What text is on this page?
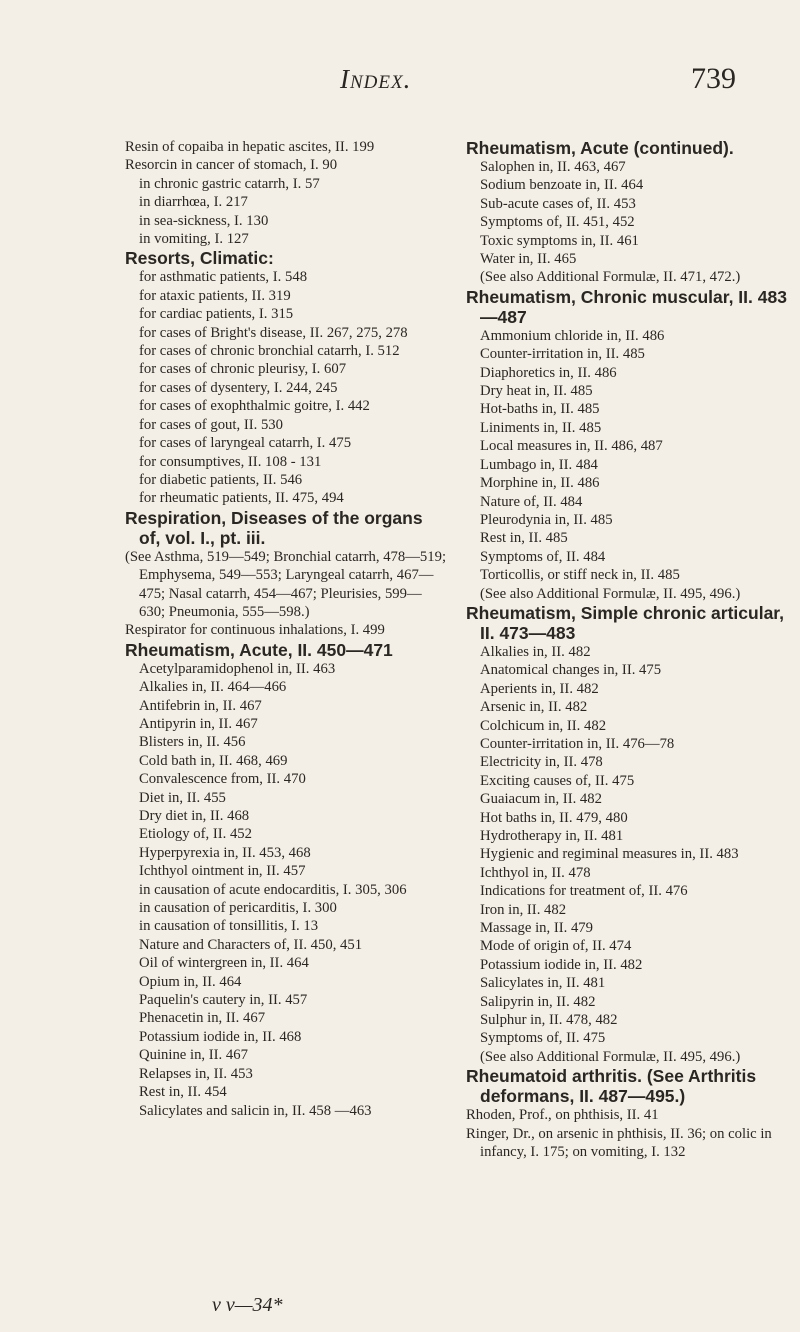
Index.	739
Resin of copaiba in hepatic ascites, II. 199
Resorcin in cancer of stomach, I. 90
in chronic gastric catarrh, I. 57
in diarrhœa, I. 217
in sea-sickness, I. 130
in vomiting, I. 127
Resorts, Climatic:
for asthmatic patients, I. 548
for ataxic patients, II. 319
for cardiac patients, I. 315
for cases of Bright's disease, II. 267, 275, 278
for cases of chronic bronchial catarrh, I. 512
for cases of chronic pleurisy, I. 607
for cases of dysentery, I. 244, 245
for cases of exophthalmic goitre, I. 442
for cases of gout, II. 530
for cases of laryngeal catarrh, I. 475
for consumptives, II. 108 - 131
for diabetic patients, II. 546
for rheumatic patients, II. 475, 494
Respiration, Diseases of the organs of, vol. I., pt. iii.
(See Asthma, 519—549; Bronchial catarrh, 478—519; Emphysema, 549—553; Laryngeal catarrh, 467—475; Nasal catarrh, 454—467; Pleurisies, 599—630; Pneumonia, 555—598.)
Respirator for continuous inhalations, I. 499
Rheumatism, Acute, II. 450—471
Acetylparamidophenol in, II. 463
Alkalies in, II. 464—466
Antifebrin in, II. 467
Antipyrin in, II. 467
Blisters in, II. 456
Cold bath in, II. 468, 469
Convalescence from, II. 470
Diet in, II. 455
Dry diet in, II. 468
Etiology of, II. 452
Hyperpyrexia in, II. 453, 468
Ichthyol ointment in, II. 457
in causation of acute endocarditis, I. 305, 306
in causation of pericarditis, I. 300
in causation of tonsillitis, I. 13
Nature and Characters of, II. 450, 451
Oil of wintergreen in, II. 464
Opium in, II. 464
Paquelin's cautery in, II. 457
Phenacetin in, II. 467
Potassium iodide in, II. 468
Quinine in, II. 467
Relapses in, II. 453
Rest in, II. 454
Salicylates and salicin in, II. 458 —463
Rheumatism, Acute (continued).
Salophen in, II. 463, 467
Sodium benzoate in, II. 464
Sub-acute cases of, II. 453
Symptoms of, II. 451, 452
Toxic symptoms in, II. 461
Water in, II. 465
(See also Additional Formulæ, II. 471, 472.)
Rheumatism, Chronic muscular, II. 483—487
Ammonium chloride in, II. 486
Counter-irritation in, II. 485
Diaphoretics in, II. 486
Dry heat in, II. 485
Hot-baths in, II. 485
Liniments in, II. 485
Local measures in, II. 486, 487
Lumbago in, II. 484
Morphine in, II. 486
Nature of, II. 484
Pleurodynia in, II. 485
Rest in, II. 485
Symptoms of, II. 484
Torticollis, or stiff neck in, II. 485
(See also Additional Formulæ, II. 495, 496.)
Rheumatism, Simple chronic articular, II. 473—483
Alkalies in, II. 482
Anatomical changes in, II. 475
Aperients in, II. 482
Arsenic in, II. 482
Colchicum in, II. 482
Counter-irritation in, II. 476—78
Electricity in, II. 478
Exciting causes of, II. 475
Guaiacum in, II. 482
Hot baths in, II. 479, 480
Hydrotherapy in, II. 481
Hygienic and regiminal measures in, II. 483
Ichthyol in, II. 478
Indications for treatment of, II. 476
Iron in, II. 482
Massage in, II. 479
Mode of origin of, II. 474
Potassium iodide in, II. 482
Salicylates in, II. 481
Salipyrin in, II. 482
Sulphur in, II. 478, 482
Symptoms of, II. 475
(See also Additional Formulæ, II. 495, 496.)
Rheumatoid arthritis. (See Arthritis deformans, II. 487—495.)
Rhoden, Prof., on phthisis, II. 41
Ringer, Dr., on arsenic in phthisis, II. 36; on colic in infancy, I. 175; on vomiting, I. 132
v v—34*
